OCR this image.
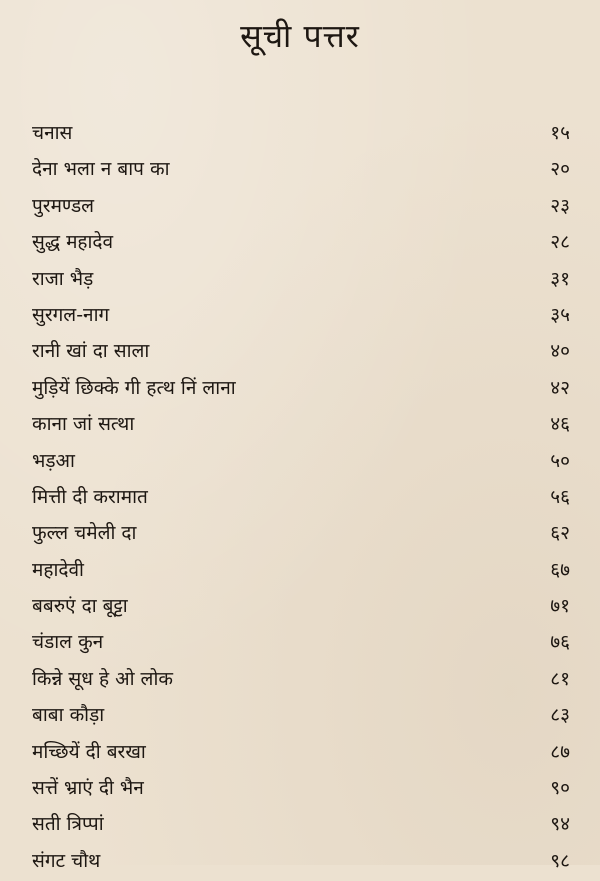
सूची पत्तर
चनास	१५
देना भला न बाप का	२०
पुरमण्डल	२३
सुद्ध महादेव	२८
राजा भैड़	३१
सुरगल-नाग	३५
रानी खां दा साला	४०
मुड़ियें छिक्के गी हत्थ निं लाना	४२
काना जां सत्था	४६
भड़आ	५०
मित्ती दी करामात	५६
फुल्ल चमेली दा	६२
महादेवी	६७
बबरुएं दा बूट्टा	७१
चंडाल कुन	७६
किन्ने सूध हे ओ लोक	८१
बाबा कौड़ा	८३
मच्छियें दी बरखा	८७
सत्तें भ्राएं दी भैन	९०
सती त्रिप्पां	९४
संगट चौथ	९८
